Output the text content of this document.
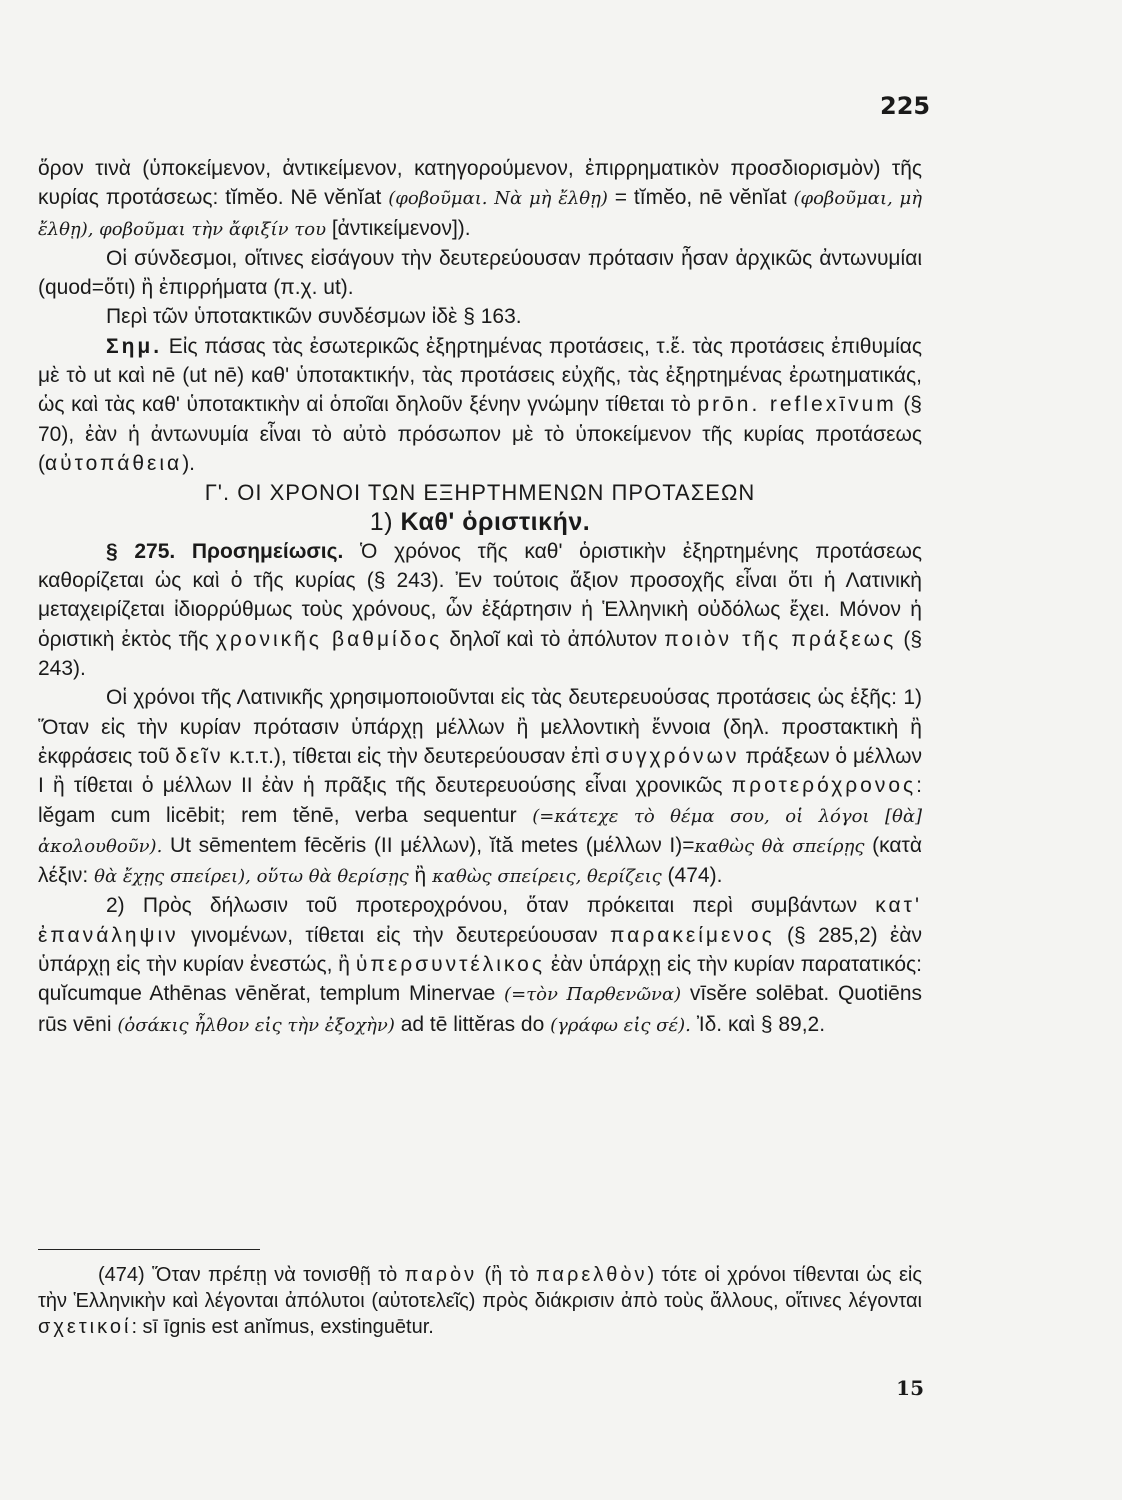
225

ὅρον τινὰ (ὑποκείμενον, ἀντικείμενον, κατηγορούμενον, ἐπιρρηματικὸν προσδιορισμὸν) τῆς κυρίας προτάσεως: tĭmĕo. Nē vĕnĭat (φοβοῦμαι. Νὰ μὴ ἔλθῃ) = tĭmĕo, nē vĕnĭat (φοβοῦμαι, μὴ ἔλθῃ), φοβοῦμαι τὴν ἄφιξίν του [ἀντικείμενον]).

Οἱ σύνδεσμοι, οἵτινες εἰσάγουν τὴν δευτερεύουσαν πρότασιν ἦσαν ἀρχικῶς ἀντωνυμίαι (quod=ὅτι) ἢ ἐπιρρήματα (π.χ. ut).

Περὶ τῶν ὑποτακτικῶν συνδέσμων ἰδὲ § 163.

Σημ. Εἰς πάσας τὰς ἐσωτερικῶς ἐξηρτημένας προτάσεις, τ.ἔ. τὰς προτάσεις ἐπιθυμίας μὲ τὸ ut καὶ nē (ut nē) καθ' ὑποτακτικήν, τὰς προτάσεις εὐχῆς, τὰς ἐξηρτημένας ἐρωτηματικάς, ὡς καὶ τὰς καθ' ὑποτακτικὴν αἱ ὁποῖαι δηλοῦν ξένην γνώμην τίθεται τὸ prōn. reflexīvum (§ 70), ἐὰν ἡ ἀντωνυμία εἶναι τὸ αὐτὸ πρόσωπον μὲ τὸ ὑποκείμενον τῆς κυρίας προτάσεως (αὐτοπάθεια).

Γ'. ΟΙ ΧΡΟΝΟΙ ΤΩΝ ΕΞΗΡΤΗΜΕΝΩΝ ΠΡΟΤΑΣΕΩΝ

1) Καθ' ὁριστικήν.

§ 275. Προσημείωσις. Ὁ χρόνος τῆς καθ' ὁριστικὴν ἐξηρτημένης προτάσεως καθορίζεται ὡς καὶ ὁ τῆς κυρίας (§ 243). Ἐν τούτοις ἄξιον προσοχῆς εἶναι ὅτι ἡ Λατινικὴ μεταχειρίζεται ἰδιορρύθμως τοὺς χρόνους, ὧν ἐξάρτησιν ἡ Ἑλληνικὴ οὐδόλως ἔχει. Μόνον ἡ ὁριστικὴ ἐκτὸς τῆς χρονικῆς βαθμίδος δηλοῖ καὶ τὸ ἀπόλυτον ποιὸν τῆς πράξεως (§ 243).

Οἱ χρόνοι τῆς Λατινικῆς χρησιμοποιοῦνται εἰς τὰς δευτερευούσας προτάσεις ὡς ἑξῆς: 1) Ὅταν εἰς τὴν κυρίαν πρότασιν ὑπάρχῃ μέλλων ἢ μελλοντικὴ ἔννοια (δηλ. προστακτικὴ ἢ ἐκφράσεις τοῦ δεῖν κ.τ.τ.), τίθεται εἰς τὴν δευτερεύουσαν ἐπὶ συγχρόνων πράξεων ὁ μέλλων I ἢ τίθεται ὁ μέλλων II ἐὰν ἡ πρᾶξις τῆς δευτερευούσης εἶναι χρονικῶς προτερόχρονος: lĕgam cum licēbit; rem tĕnē, verba sequentur (=κάτεχε τὸ θέμα σου, οἱ λόγοι [θὰ] ἀκολουθοῦν). Ut sēmentem fēcĕris (II μέλλων), ĭtă metes (μέλλων I)=καθὼς θὰ σπείρῃς (κατὰ λέξιν: θὰ ἔχῃς σπείρει), οὕτω θὰ θερίσῃς ἢ καθὼς σπείρεις, θερίζεις (474).

2) Πρὸς δήλωσιν τοῦ προτεροχρόνου, ὅταν πρόκειται περὶ συμβάντων κατ' ἐπανάληψιν γινομένων, τίθεται εἰς τὴν δευτερεύουσαν παρακείμενος (§ 285,2) ἐὰν ὑπάρχῃ εἰς τὴν κυρίαν ἐνεστώς, ἢ ὑπερσυντέλικος ἐὰν ὑπάρχῃ εἰς τὴν κυρίαν παρατατικός: quĭcumque Athēnas vēnĕrat, templum Minervae (=τὸν Παρθενῶνα) vīsĕre solēbat. Quotiēns rūs vēni (ὁσάκις ἦλθον εἰς τὴν ἐξοχὴν) ad tē littĕras do (γράφω εἰς σέ). Ἰδ. καὶ § 89,2.

(474) Ὅταν πρέπῃ νὰ τονισθῇ τὸ παρὸν (ἢ τὸ παρελθὸν) τότε οἱ χρόνοι τίθενται ὡς εἰς τὴν Ἑλληνικὴν καὶ λέγονται ἀπόλυτοι (αὐτοτελεῖς) πρὸς διάκρισιν ἀπὸ τοὺς ἄλλους, οἵτινες λέγονται σχετικοί: sī īgnis est anĭmus, exstinguētur.

15
